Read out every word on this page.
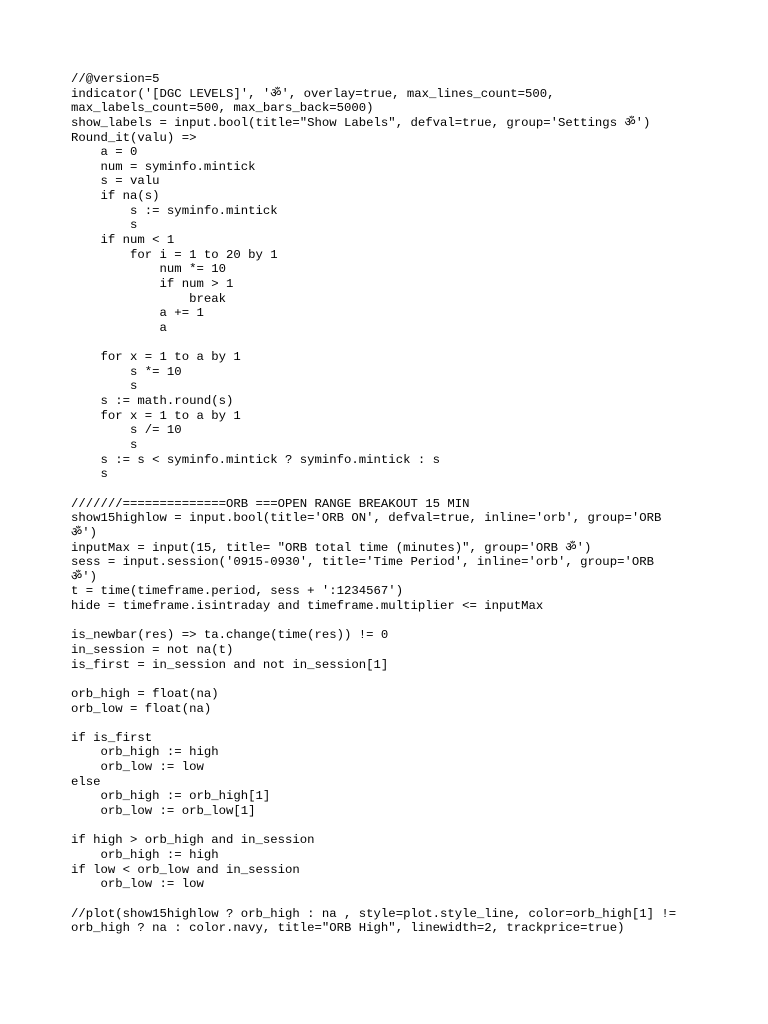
//@version=5
indicator('[DGC LEVELS]', 'ॐ', overlay=true, max_lines_count=500,
max_labels_count=500, max_bars_back=5000)
show_labels = input.bool(title="Show Labels", defval=true, group='Settings ॐ')
Round_it(valu) =>
a = 0
num = syminfo.mintick
s = valu
if na(s)
s := syminfo.mintick
s
if num < 1
for i = 1 to 20 by 1
num *= 10
if num > 1
break
a += 1
a
for x = 1 to a by 1
s *= 10
s
s := math.round(s)
for x = 1 to a by 1
s /= 10
s
s := s < syminfo.mintick ? syminfo.mintick : s
s
///////==============ORB ===OPEN RANGE BREAKOUT 15 MIN
show15highlow = input.bool(title='ORB ON', defval=true, inline='orb', group='ORB
ॐ')
inputMax = input(15, title= "ORB total time (minutes)", group='ORB ॐ')
sess = input.session('0915-0930', title='Time Period', inline='orb', group='ORB
ॐ')
t = time(timeframe.period, sess + ':1234567')
hide = timeframe.isintraday and timeframe.multiplier <= inputMax
is_newbar(res) => ta.change(time(res)) != 0
in_session = not na(t)
is_first = in_session and not in_session[1]
orb_high = float(na)
orb_low = float(na)
if is_first
orb_high := high
orb_low := low
else
orb_high := orb_high[1]
orb_low := orb_low[1]
if high > orb_high and in_session
orb_high := high
if low < orb_low and in_session
orb_low := low
//plot(show15highlow ? orb_high : na , style=plot.style_line, color=orb_high[1] !=
orb_high ? na : color.navy, title="ORB High", linewidth=2, trackprice=true)
